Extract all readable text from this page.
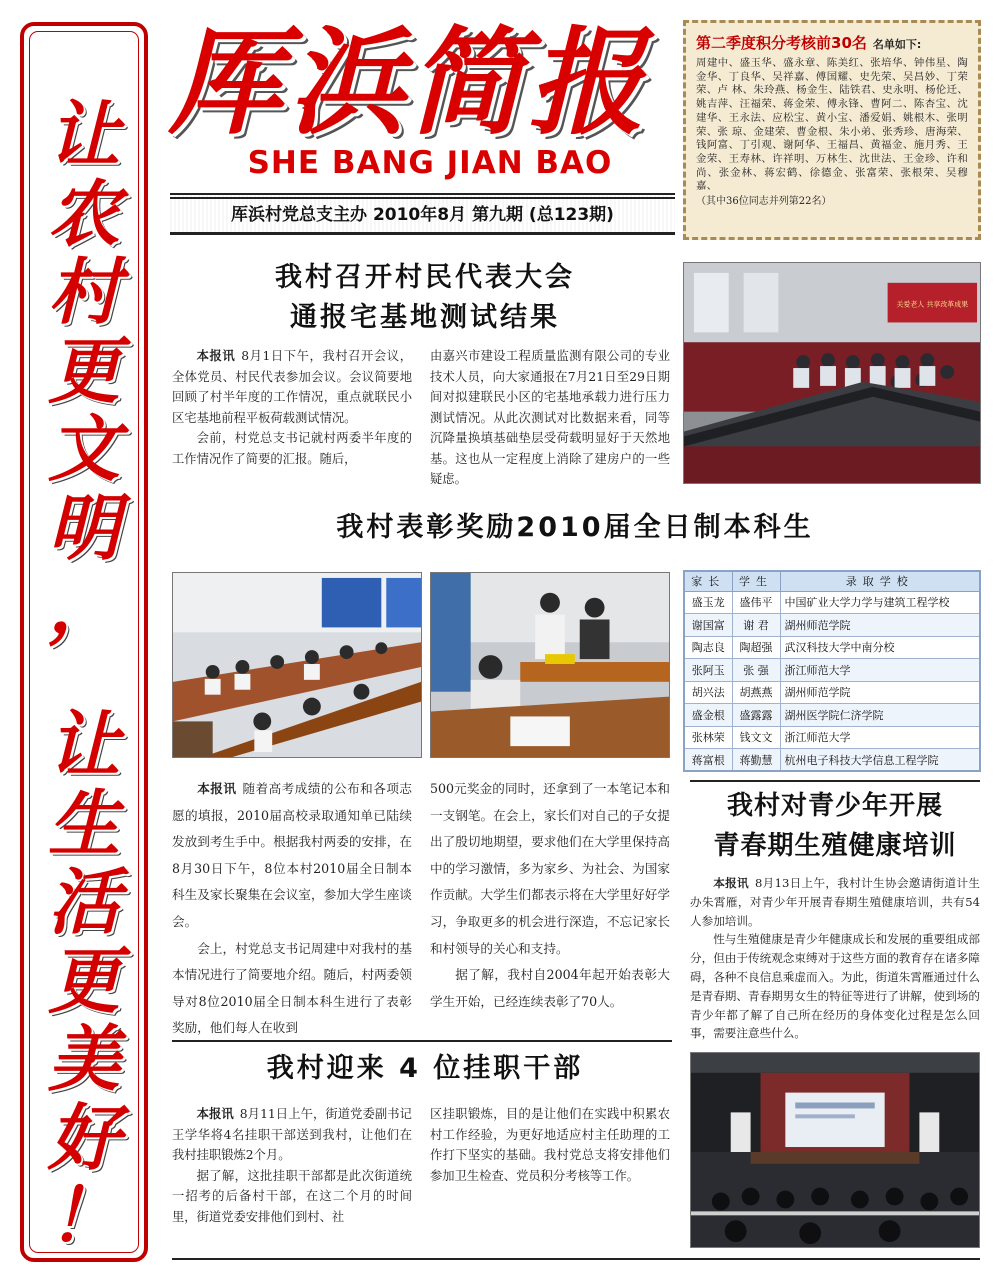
让
农
村
更
文
明
，
让
生
活
更
美
好
！
厍浜简报
SHE BANG JIAN BAO
厍浜村党总支主办 2010年8月 第九期 (总123期)
第二季度积分考核前30名 名单如下:
周建中、盛玉华、盛永章、陈美红、张培华、钟伟星、陶金华、丁良华、吴祥嘉、傅国耀、史先荣、吴昌妙、丁荣荣、卢 林、朱玲燕、杨金生、陆铁君、史永明、杨伦迁、姚吉萍、汪福荣、蒋金荣、傅永锋、曹阿二、陈杏宝、沈建华、王永法、应松宝、黄小宝、潘爱娟、姚根木、张明荣、张 琼、金建荣、曹金根、朱小弟、张秀珍、唐海荣、钱阿富、丁引观、谢阿华、王福昌、黄福金、施月秀、王金荣、王寿林、许祥明、万林生、沈世法、王金珍、许和尚、张金林、蒋宏鹤、徐德金、张富荣、张根荣、吴穆嘉、
（其中36位同志并列第22名）
我村召开村民代表大会
通报宅基地测试结果

本报讯 8月1日下午，我村召开会议，全体党员、村民代表参加会议。会议简要地回顾了村半年度的工作情况，重点就联民小区宅基地前程平板荷载测试情况。

会前，村党总支书记就村两委半年度的工作情况作了简要的汇报。随后，

由嘉兴市建设工程质量监测有限公司的专业技术人员，向大家通报在7月21日至29日期间对拟建联民小区的宅基地承载力进行压力测试情况。从此次测试对比数据来看，同等沉降量换填基础垫层受荷载明显好于天然地基。这也从一定程度上消除了建房户的一些疑虑。

关爱老人 共享改革成果
我村表彰奖励2010届全日制本科生

本报讯 随着高考成绩的公布和各项志愿的填报，2010届高校录取通知单已陆续发放到考生手中。根据我村两委的安排，在8月30日下午，8位本村2010届全日制本科生及家长聚集在会议室，参加大学生座谈会。

会上，村党总支书记周建中对我村的基本情况进行了简要地介绍。随后，村两委领导对8位2010届全日制本科生进行了表彰奖励，他们每人在收到

500元奖金的同时，还拿到了一本笔记本和一支钢笔。在会上，家长们对自己的子女提出了殷切地期望，要求他们在大学里保持高中的学习激情，多为家乡、为社会、为国家作贡献。大学生们都表示将在大学里好好学习，争取更多的机会进行深造，不忘记家长和村领导的关心和支持。

据了解，我村自2004年起开始表彰大学生开始，已经连续表彰了70人。

家长	学生	录取学校
盛玉龙	盛伟平	中国矿业大学力学与建筑工程学校
谢国富	谢 君	湖州师范学院
陶志良	陶超强	武汉科技大学中南分校
张阿玉	张 强	浙江师范大学
胡兴法	胡燕燕	湖州师范学院
盛金根	盛露露	湖州医学院仁济学院
张林荣	钱文文	浙江师范大学
蒋富根	蒋勤慧	杭州电子科技大学信息工程学院
我村对青少年开展
青春期生殖健康培训

本报讯 8月13日上午，我村计生协会邀请街道计生办朱霄雁，对青少年开展青春期生殖健康培训，共有54人参加培训。

性与生殖健康是青少年健康成长和发展的重要组成部分，但由于传统观念束缚对于这些方面的教育存在诸多障碍，各种不良信息乘虚而入。为此，街道朱霄雁通过什么是青春期、青春期男女生的特征等进行了讲解，使到场的青少年都了解了自己所在经历的身体变化过程是怎么回事，需要注意些什么。

我村迎来 4 位挂职干部

本报讯 8月11日上午，街道党委副书记王学华将4名挂职干部送到我村，让他们在我村挂职锻炼2个月。

据了解，这批挂职干部都是此次街道统一招考的后备村干部，在这二个月的时间里，街道党委安排他们到村、社

区挂职锻炼，目的是让他们在实践中积累农村工作经验，为更好地适应村主任助理的工作打下坚实的基础。我村党总支将安排他们参加卫生检查、党员积分考核等工作。
